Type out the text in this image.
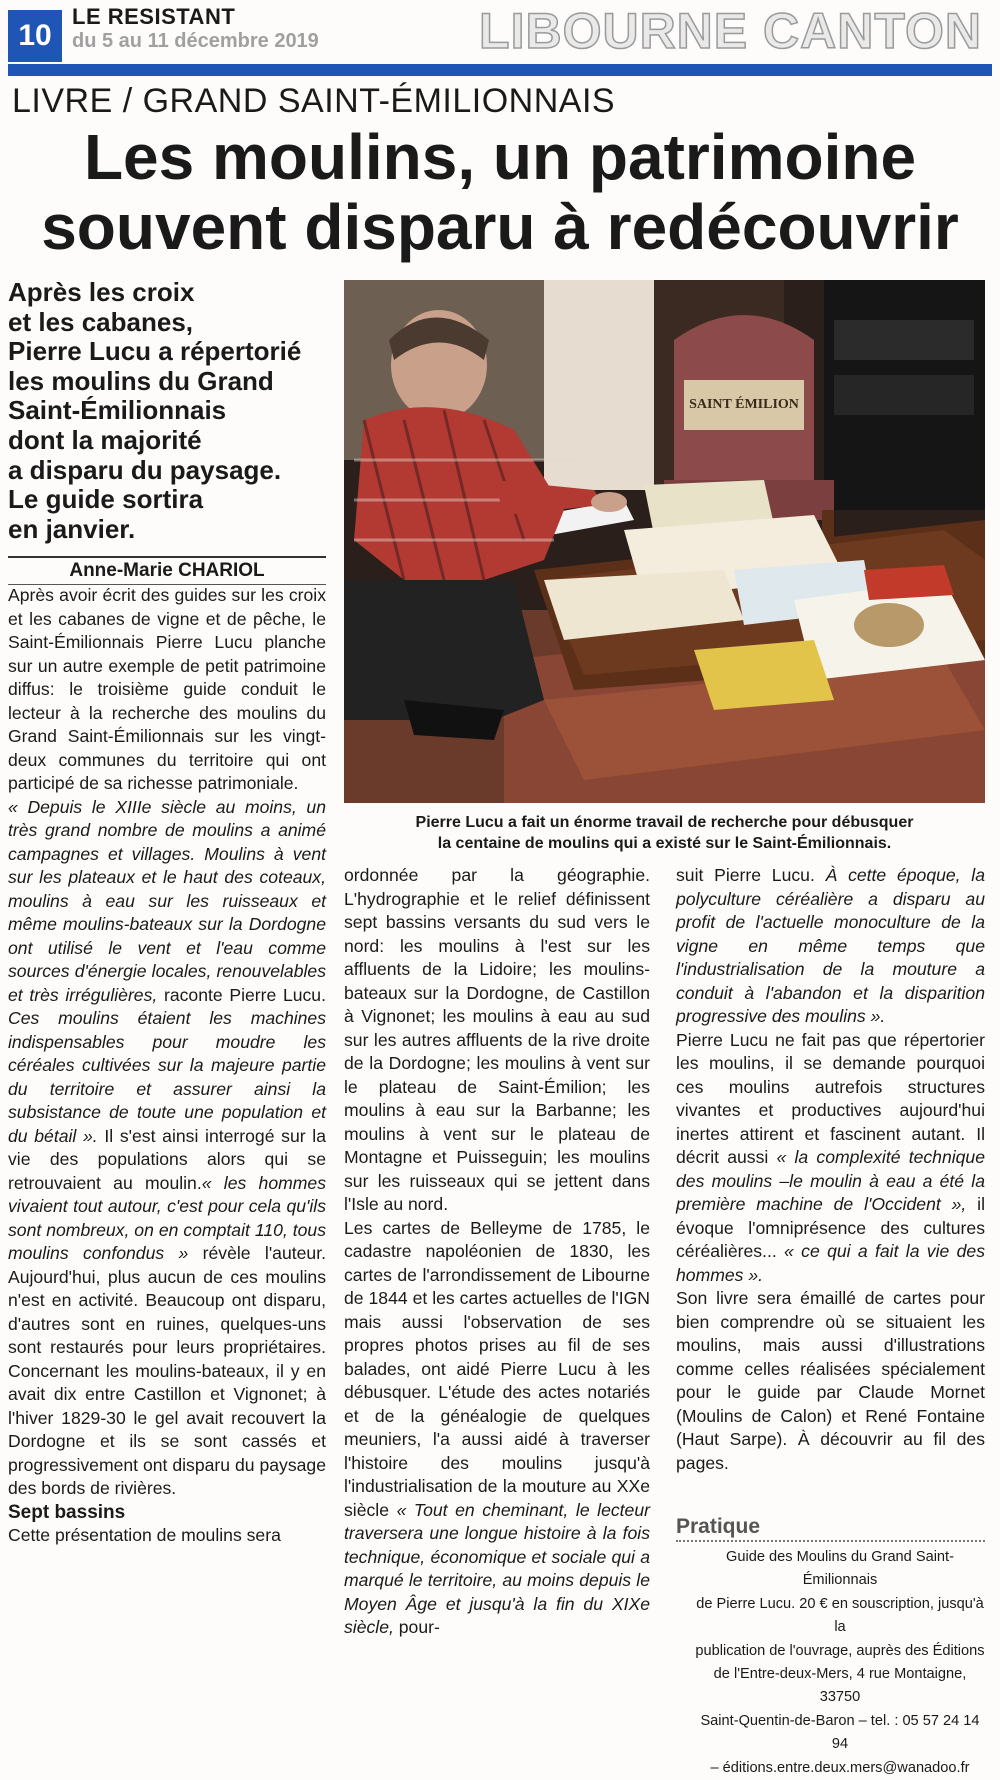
10
LE RESISTANT
du 5 au 11 décembre 2019	LIBOURNE CANTON
LIVRE / GRAND SAINT-ÉMILIONNAIS
Les moulins, un patrimoine
souvent disparu à redécouvrir
Après les croix
et les cabanes,
Pierre Lucu a répertorié
les moulins du Grand
Saint-Émilionnais
dont la majorité
a disparu du paysage.
Le guide sortira
en janvier.
Anne-Marie CHARIOL
SAINT ÉMILION
Pierre Lucu a fait un énorme travail de recherche pour débusquer
la centaine de moulins qui a existé sur le Saint-Émilionnais.

Après avoir écrit des guides sur les croix et les cabanes de vigne et de pêche, le Saint-Émilionnais Pierre Lucu planche sur un autre exemple de petit patrimoine diffus: le troisième guide conduit le lecteur à la recherche des moulins du Grand Saint-Émilionnais sur les vingt-deux communes du territoire qui ont participé de sa richesse patrimoniale.

« Depuis le XIIIe siècle au moins, un très grand nombre de moulins a animé campagnes et villages. Moulins à vent sur les plateaux et le haut des coteaux, moulins à eau sur les ruisseaux et même moulins-bateaux sur la Dordogne ont utilisé le vent et l'eau comme sources d'énergie locales, renouvelables et très irrégulières, raconte Pierre Lucu. Ces moulins étaient les machines indispensables pour moudre les céréales cultivées sur la majeure partie du territoire et assurer ainsi la subsistance de toute une population et du bétail ». Il s'est ainsi interrogé sur la vie des populations alors qui se retrouvaient au moulin.« les hommes vivaient tout autour, c'est pour cela qu'ils sont nombreux, on en comptait 110, tous moulins confondus » révèle l'auteur. Aujourd'hui, plus aucun de ces moulins n'est en activité. Beaucoup ont disparu, d'autres sont en ruines, quelques-uns sont restaurés pour leurs propriétaires. Concernant les moulins-bateaux, il y en avait dix entre Castillon et Vignonet; à l'hiver 1829-30 le gel avait recouvert la Dordogne et ils se sont cassés et progressivement ont disparu du paysage des bords de rivières.

Sept bassins

Cette présentation de moulins sera

ordonnée par la géographie. L'hydrographie et le relief définissent sept bassins versants du sud vers le nord: les moulins à l'est sur les affluents de la Lidoire; les moulins-bateaux sur la Dordogne, de Castillon à Vignonet; les moulins à eau au sud sur les autres affluents de la rive droite de la Dordogne; les moulins à vent sur le plateau de Saint-Émilion; les moulins à eau sur la Barbanne; les moulins à vent sur le plateau de Montagne et Puisseguin; les moulins sur les ruisseaux qui se jettent dans l'Isle au nord.

Les cartes de Belleyme de 1785, le cadastre napoléonien de 1830, les cartes de l'arrondissement de Libourne de 1844 et les cartes actuelles de l'IGN mais aussi l'observation de ses propres photos prises au fil de ses balades, ont aidé Pierre Lucu à les débusquer. L'étude des actes notariés et de la généalogie de quelques meuniers, l'a aussi aidé à traverser l'histoire des moulins jusqu'à l'industrialisation de la mouture au XXe siècle « Tout en cheminant, le lecteur traversera une longue histoire à la fois technique, économique et sociale qui a marqué le territoire, au moins depuis le Moyen Âge et jusqu'à la fin du XIXe siècle, pour-

suit Pierre Lucu. À cette époque, la polyculture céréalière a disparu au profit de l'actuelle monoculture de la vigne en même temps que l'industrialisation de la mouture a conduit à l'abandon et la disparition progressive des moulins ».

Pierre Lucu ne fait pas que répertorier les moulins, il se demande pourquoi ces moulins autrefois structures vivantes et productives aujourd'hui inertes attirent et fascinent autant. Il décrit aussi « la complexité technique des moulins –le moulin à eau a été la première machine de l'Occident », il évoque l'omniprésence des cultures céréalières... « ce qui a fait la vie des hommes ».

Son livre sera émaillé de cartes pour bien comprendre où se situaient les moulins, mais aussi d'illustrations comme celles réalisées spécialement pour le guide par Claude Mornet (Moulins de Calon) et René Fontaine (Haut Sarpe). À découvrir au fil des pages.

Pratique
Guide des Moulins du Grand Saint-Émilionnais
de Pierre Lucu. 20 € en souscription, jusqu'à la
publication de l'ouvrage, auprès des Éditions
de l'Entre-deux-Mers, 4 rue Montaigne, 33750
Saint-Quentin-de-Baron – tel. : 05 57 24 14 94
– éditions.entre.deux.mers@wanadoo.fr
